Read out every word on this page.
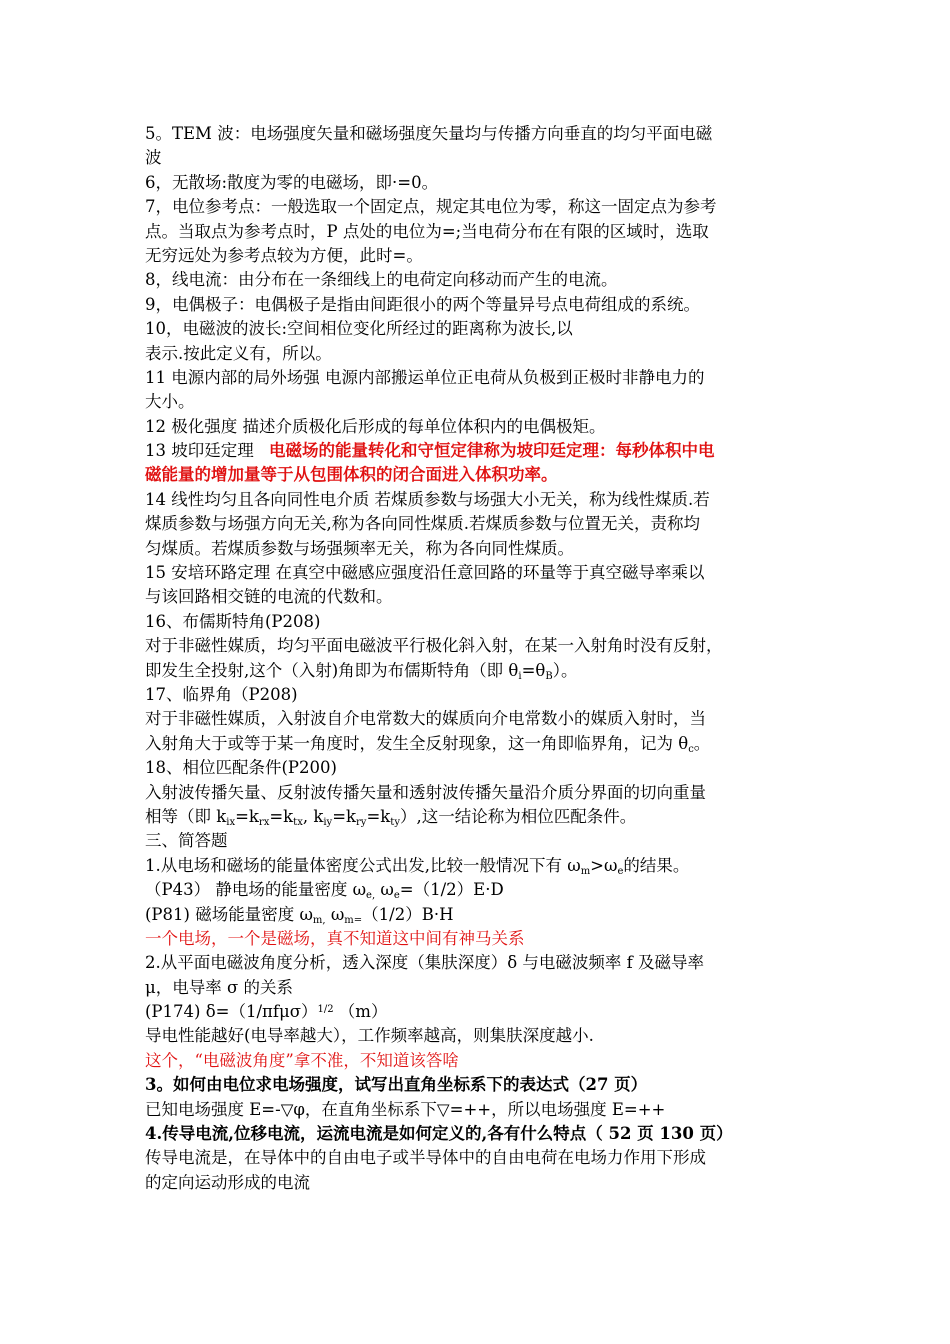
5。TEM 波：电场强度矢量和磁场强度矢量均与传播方向垂直的均匀平面电磁
波
6，无散场:散度为零的电磁场，即·=0。
7，电位参考点：一般选取一个固定点，规定其电位为零，称这一固定点为参考
点。当取点为参考点时，P 点处的电位为=;当电荷分布在有限的区域时，选取
无穷远处为参考点较为方便，此时=。
8，线电流：由分布在一条细线上的电荷定向移动而产生的电流。
9，电偶极子：电偶极子是指由间距很小的两个等量异号点电荷组成的系统。
10，电磁波的波长:空间相位变化所经过的距离称为波长,以
表示.按此定义有，所以。
11 电源内部的局外场强 电源内部搬运单位正电荷从负极到正极时非静电力的
大小。
12 极化强度 描述介质极化后形成的每单位体积内的电偶极矩。
13 坡印廷定理 电磁场的能量转化和守恒定律称为坡印廷定理：每秒体积中电
磁能量的增加量等于从包围体积的闭合面进入体积功率。
14 线性均匀且各向同性电介质 若煤质参数与场强大小无关，称为线性煤质.若
煤质参数与场强方向无关,称为各向同性煤质.若煤质参数与位置无关，责称均
匀煤质。若煤质参数与场强频率无关，称为各向同性煤质。
15 安培环路定理 在真空中磁感应强度沿任意回路的环量等于真空磁导率乘以
与该回路相交链的电流的代数和。
16、布儒斯特角(P208)
对于非磁性媒质，均匀平面电磁波平行极化斜入射，在某一入射角时没有反射，
即发生全投射,这个（入射)角即为布儒斯特角（即 $\theta_i=\theta_B$）。
17、临界角（P208)
对于非磁性媒质，入射波自介电常数大的媒质向介电常数小的媒质入射时，当
入射角大于或等于某一角度时，发生全反射现象，这一角即临界角，记为 $\theta_c$。
18、相位匹配条件(P200)
入射波传播矢量、反射波传播矢量和透射波传播矢量沿介质分界面的切向重量
相等（即 $k_{ix}=k_{rx}=k_{tx}$, $k_{iy}=k_{ry}=k_{ty}$）,这一结论称为相位匹配条件。
三、简答题
1.从电场和磁场的能量体密度公式出发,比较一般情况下有 $\omega_m>\omega_e$的结果。
（P43） 静电场的能量密度 $\omega_{e,}$ $\omega_e=(1/2)E\cdot D$
(P81) 磁场能量密度 $\omega_{m,}$ $\omega_{m=}(1/2)B\cdot H$
一个电场，一个是磁场，真不知道这中间有神马关系
2.从平面电磁波角度分析，透入深度（集肤深度）δ 与电磁波频率 f 及磁导率
μ，电导率 σ 的关系
(P174) $\delta=(1/\pi f\mu\sigma)^{1/2}$ （m）
导电性能越好(电导率越大），工作频率越高，则集肤深度越小.
这个，“电磁波角度”拿不准，不知道该答啥
3。如何由电位求电场强度，试写出直角坐标系下的表达式（27 页）
已知电场强度 E=-▽φ，在直角坐标系下▽=++，所以电场强度 E=++
4.传导电流,位移电流，运流电流是如何定义的,各有什么特点（ 52 页 130 页）
传导电流是，在导体中的自由电子或半导体中的自由电荷在电场力作用下形成
的定向运动形成的电流
